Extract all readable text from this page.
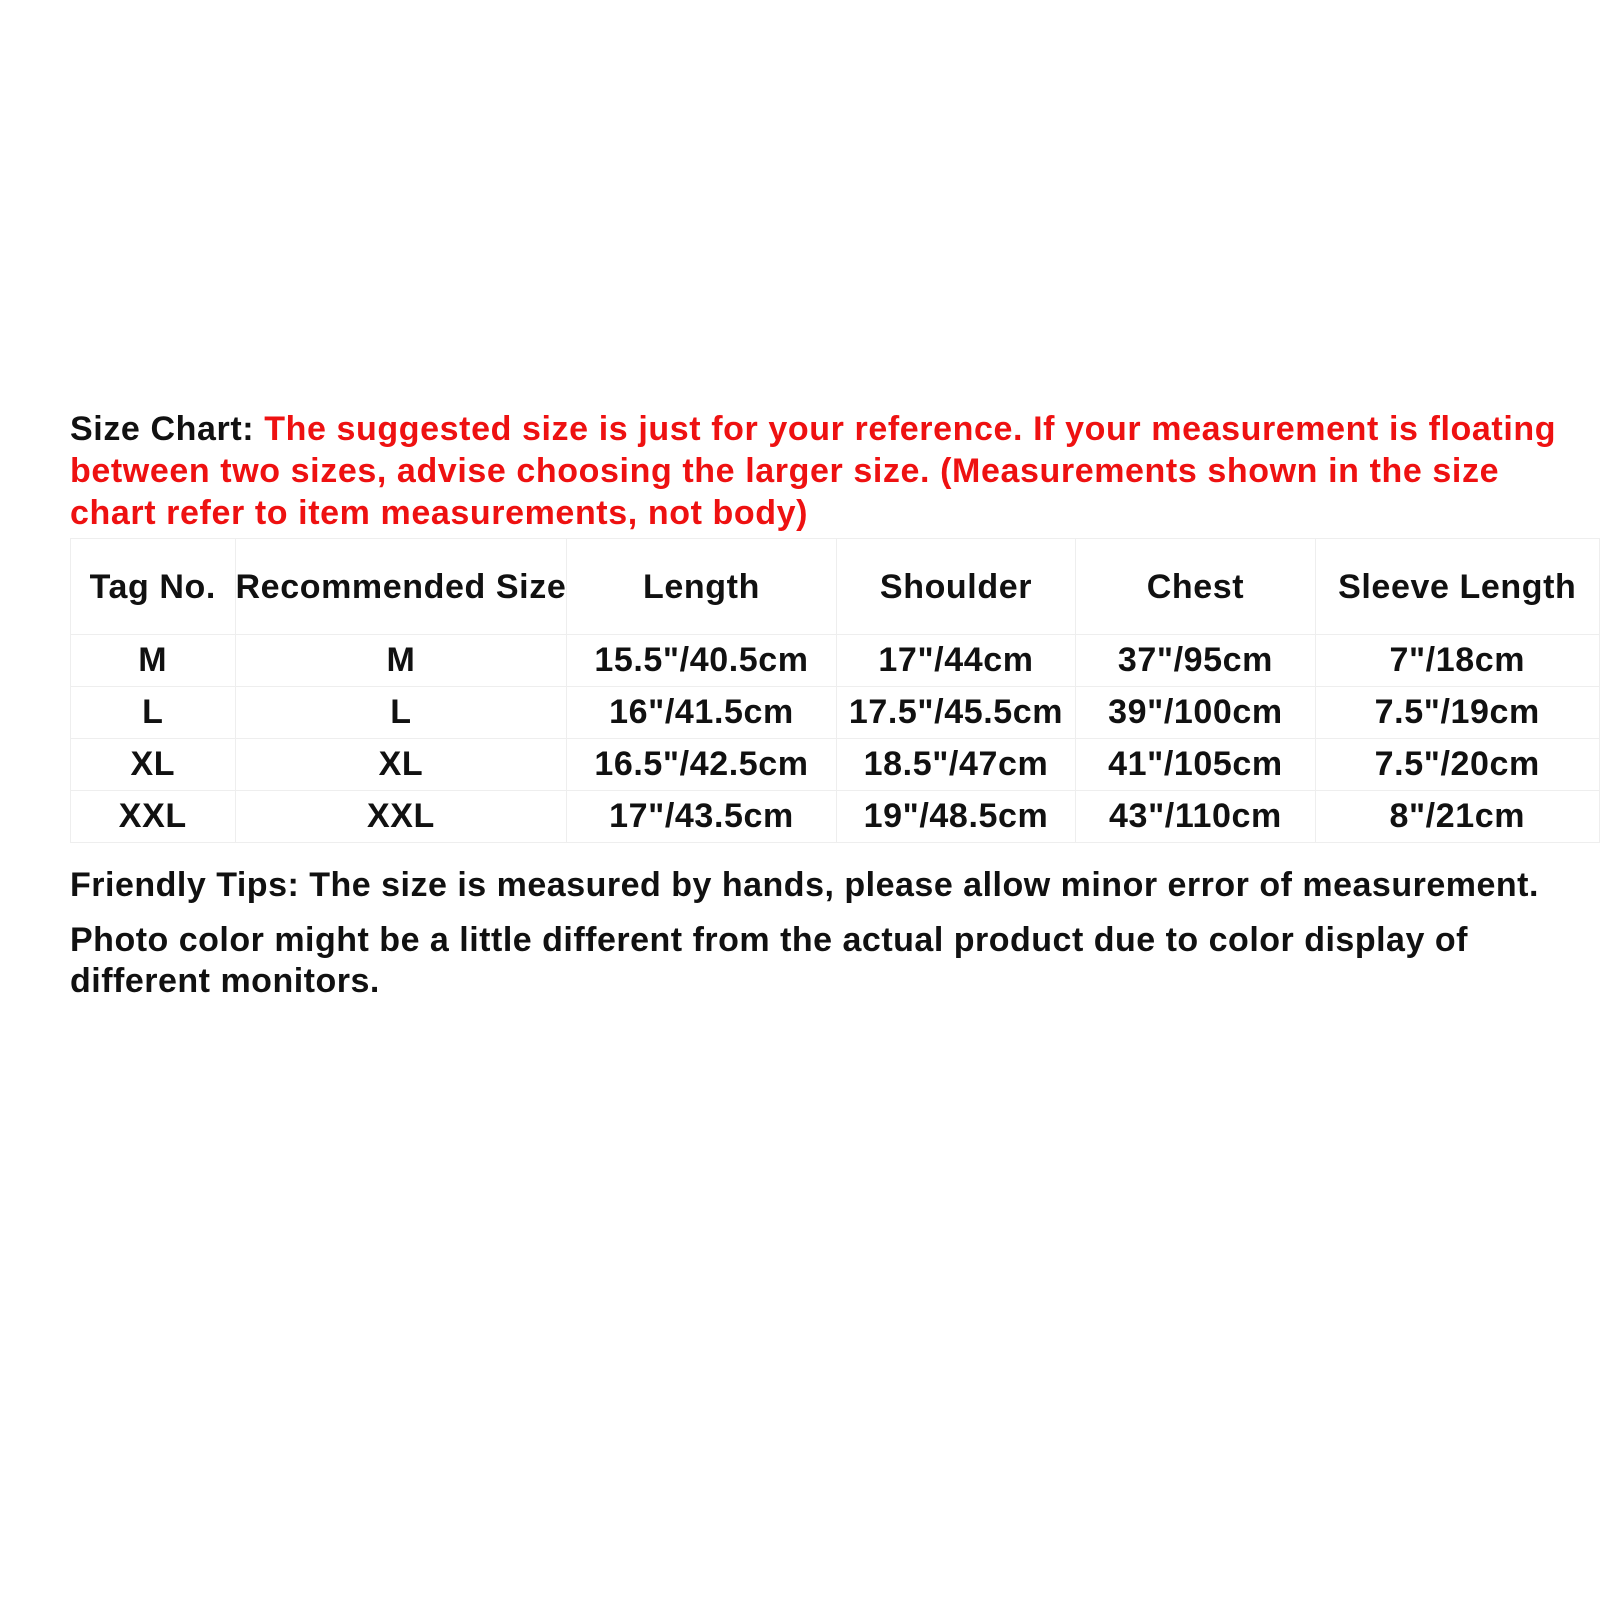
Size Chart: The suggested size is just for your reference. If your measurement is floating between two sizes, advise choosing the larger size. (Measurements shown in the size chart refer to item measurements, not body)

Tag No.	Recommended Size	Length	Shoulder	Chest	Sleeve Length
M	M	15.5"/40.5cm	17"/44cm	37"/95cm	7"/18cm
L	L	16"/41.5cm	17.5"/45.5cm	39"/100cm	7.5"/19cm
XL	XL	16.5"/42.5cm	18.5"/47cm	41"/105cm	7.5"/20cm
XXL	XXL	17"/43.5cm	19"/48.5cm	43"/110cm	8"/21cm

Friendly Tips: The size is measured by hands, please allow minor error of measurement.

Photo color might be a little different from the actual product due to color display of different monitors.
